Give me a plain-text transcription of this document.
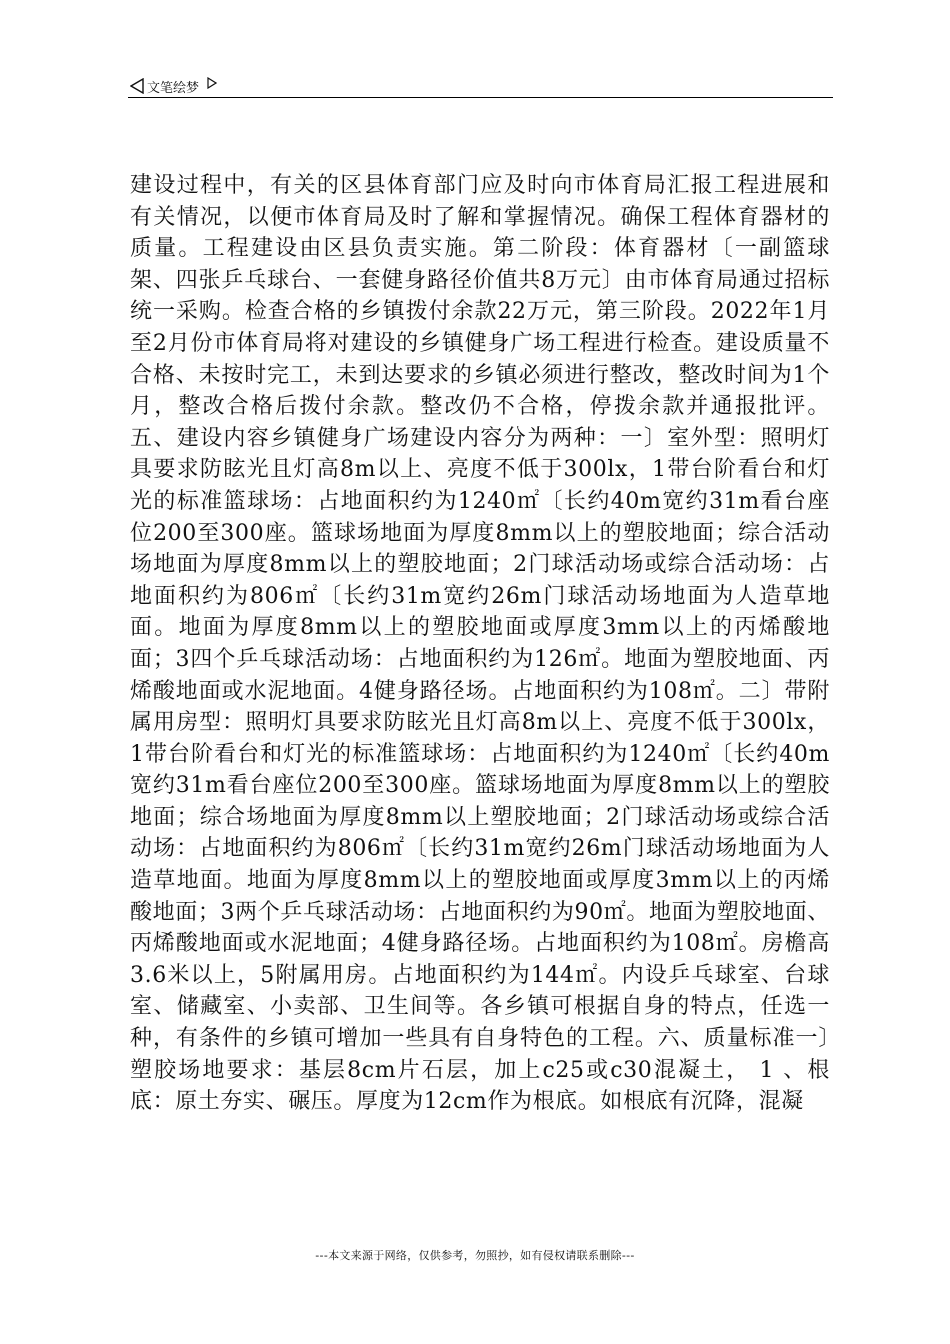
文笔绘梦

建设过程中，有关的区县体育部门应及时向市体育局汇报工程进展和有关情况，以便市体育局及时了解和掌握情况。确保工程体育器材的质量。工程建设由区县负责实施。第二阶段：体育器材〔一副篮球架、四张乒乓球台、一套健身路径价值共8万元〕由市体育局通过招标统一采购。检查合格的乡镇拨付余款22万元，第三阶段。2022年1月至2月份市体育局将对建设的乡镇健身广场工程进行检查。建设质量不合格、未按时完工，未到达要求的乡镇必须进行整改，整改时间为1个月，整改合格后拨付余款。整改仍不合格，停拨余款并通报批评。五、建设内容乡镇健身广场建设内容分为两种：一〕室外型：照明灯具要求防眩光且灯高8m以上、亮度不低于300lx，1带台阶看台和灯光的标准篮球场：占地面积约为1240㎡〔长约40m宽约31m看台座位200至300座。篮球场地面为厚度8mm以上的塑胶地面；综合活动场地面为厚度8mm以上的塑胶地面；2门球活动场或综合活动场：占地面积约为806㎡〔长约31m宽约26m门球活动场地面为人造草地面。地面为厚度8mm以上的塑胶地面或厚度3mm以上的丙烯酸地面；3四个乒乓球活动场：占地面积约为126㎡。地面为塑胶地面、丙烯酸地面或水泥地面。4健身路径场。占地面积约为108㎡。二〕带附属用房型：照明灯具要求防眩光且灯高8m以上、亮度不低于300lx，1带台阶看台和灯光的标准篮球场：占地面积约为1240㎡〔长约40m宽约31m看台座位200至300座。篮球场地面为厚度8mm以上的塑胶地面；综合场地面为厚度8mm以上塑胶地面；2门球活动场或综合活动场：占地面积约为806㎡〔长约31m宽约26m门球活动场地面为人造草地面。地面为厚度8mm以上的塑胶地面或厚度3mm以上的丙烯酸地面；3两个乒乓球活动场：占地面积约为90㎡。地面为塑胶地面、丙烯酸地面或水泥地面；4健身路径场。占地面积约为108㎡。房檐高3.6米以上，5附属用房。占地面积约为144㎡。内设乒乓球室、台球室、储藏室、小卖部、卫生间等。各乡镇可根据自身的特点，任选一种，有条件的乡镇可增加一些具有自身特色的工程。六、质量标准一〕塑胶场地要求：基层8cm片石层，加上c25或c30混凝土， 1 、根底：原土夯实、碾压。厚度为12cm作为根底。如根底有沉降，混凝

---本文来源于网络，仅供参考，勿照抄，如有侵权请联系删除---
